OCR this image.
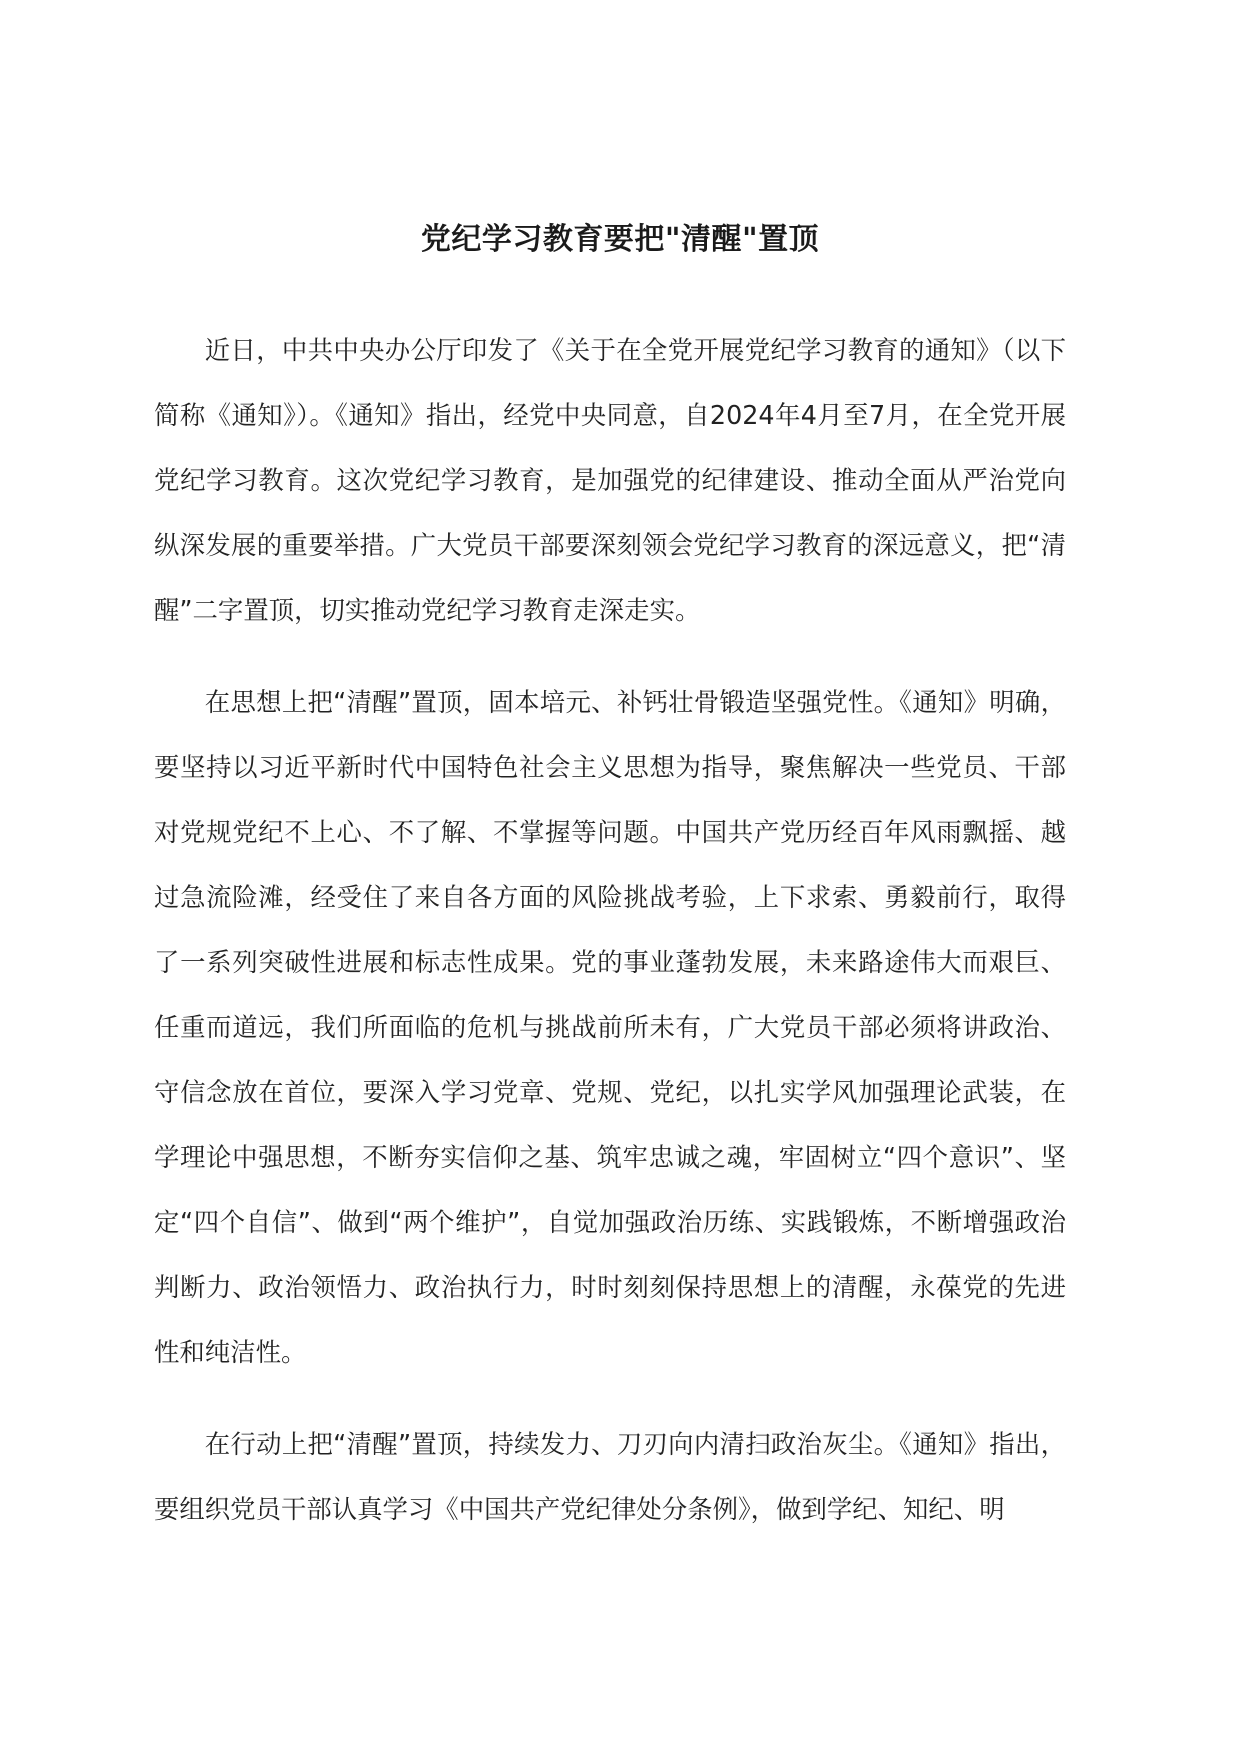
党纪学习教育要把"清醒"置顶

近日，中共中央办公厅印发了《关于在全党开展党纪学习教育的通知》（以下简称《通知》）。《通知》指出，经党中央同意，自2024年4月至7月，在全党开展党纪学习教育。这次党纪学习教育，是加强党的纪律建设、推动全面从严治党向纵深发展的重要举措。广大党员干部要深刻领会党纪学习教育的深远意义，把“清醒”二字置顶，切实推动党纪学习教育走深走实。

在思想上把“清醒”置顶，固本培元、补钙壮骨锻造坚强党性。《通知》明确，要坚持以习近平新时代中国特色社会主义思想为指导，聚焦解决一些党员、干部对党规党纪不上心、不了解、不掌握等问题。中国共产党历经百年风雨飘摇、越过急流险滩，经受住了来自各方面的风险挑战考验，上下求索、勇毅前行，取得了一系列突破性进展和标志性成果。党的事业蓬勃发展，未来路途伟大而艰巨、任重而道远，我们所面临的危机与挑战前所未有，广大党员干部必须将讲政治、守信念放在首位，要深入学习党章、党规、党纪，以扎实学风加强理论武装，在学理论中强思想，不断夯实信仰之基、筑牢忠诚之魂，牢固树立“四个意识”、坚定“四个自信”、做到“两个维护”，自觉加强政治历练、实践锻炼，不断增强政治判断力、政治领悟力、政治执行力，时时刻刻保持思想上的清醒，永葆党的先进性和纯洁性。

在行动上把“清醒”置顶，持续发力、刀刃向内清扫政治灰尘。《通知》指出，要组织党员干部认真学习《中国共产党纪律处分条例》，做到学纪、知纪、明
